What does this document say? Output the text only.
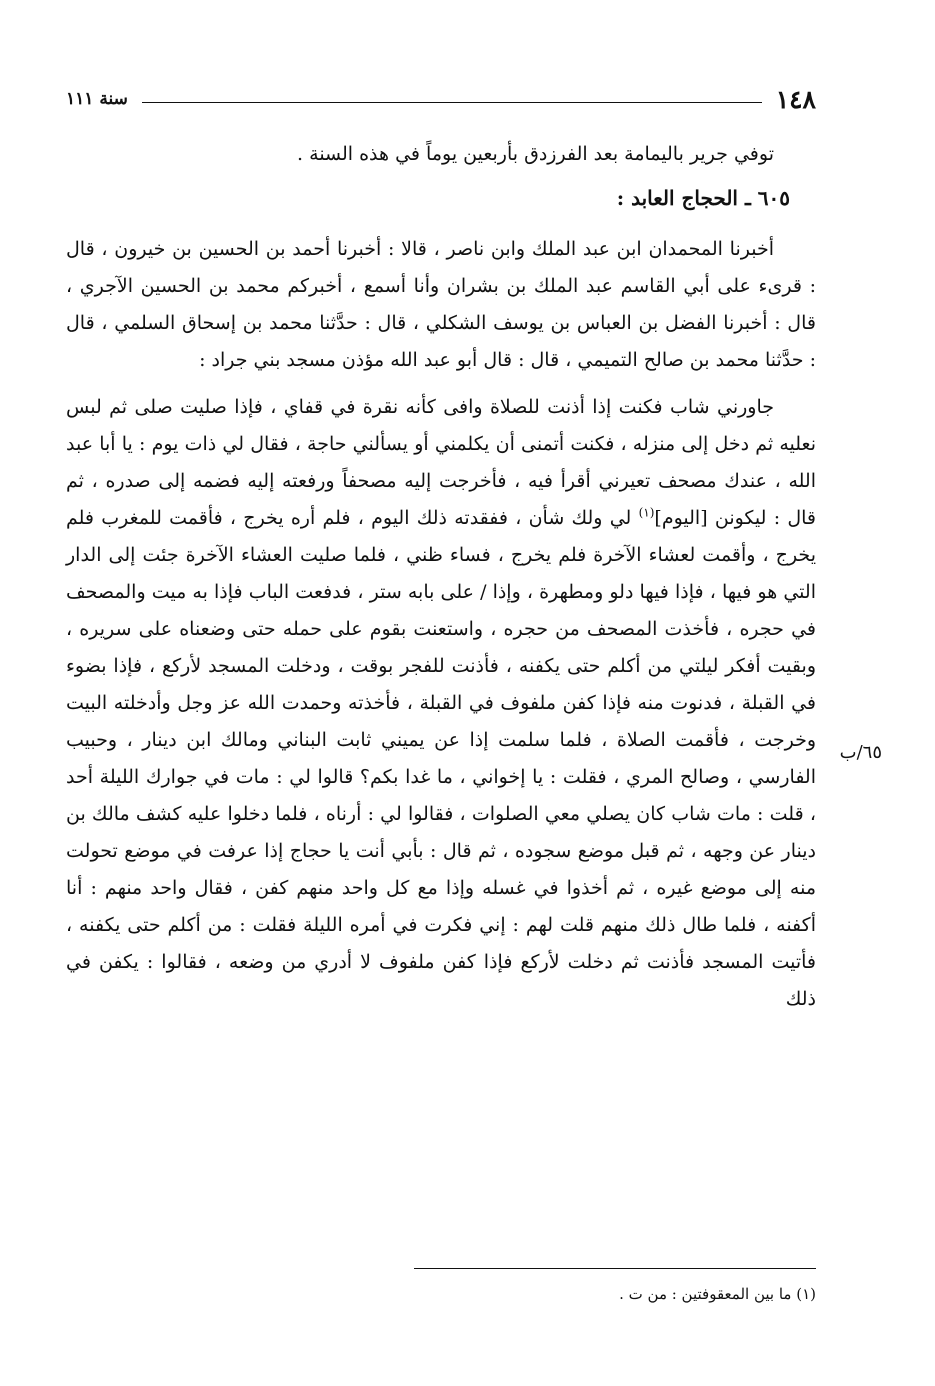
١٤٨
سنة ١١١

توفي جرير باليمامة بعد الفرزدق بأربعين يوماً في هذه السنة .

٦٠٥ ـ الحجاج العابد :

أخبرنا المحمدان ابن عبد الملك وابن ناصر ، قالا : أخبرنا أحمد بن الحسين بن خيرون ، قال : قرىء على أبي القاسم عبد الملك بن بشران وأنا أسمع ، أخبركم محمد بن الحسين الآجري ، قال : أخبرنا الفضل بن العباس بن يوسف الشكلي ، قال : حدَّثنا محمد بن إسحاق السلمي ، قال : حدَّثنا محمد بن صالح التميمي ، قال : قال أبو عبد الله مؤذن مسجد بني جراد :

جاورني شاب فكنت إذا أذنت للصلاة وافى كأنه نقرة في قفاي ، فإذا صليت صلى ثم لبس نعليه ثم دخل إلى منزله ، فكنت أتمنى أن يكلمني أو يسألني حاجة ، فقال لي ذات يوم : يا أبا عبد الله ، عندك مصحف تعيرني أقرأ فيه ، فأخرجت إليه مصحفاً ورفعته إليه فضمه إلى صدره ، ثم قال : ليكونن [اليوم]$^{(١)}$ لي ولك شأن ، ففقدته ذلك اليوم ، فلم أره يخرج ، فأقمت للمغرب فلم يخرج ، وأقمت لعشاء الآخرة فلم يخرج ، فساء ظني ، فلما صليت العشاء الآخرة جئت إلى الدار التي هو فيها ، فإذا فيها دلو ومطهرة ، وإذا / على بابه ستر ، فدفعت الباب فإذا به ميت والمصحف في حجره ، فأخذت المصحف من حجره ، واستعنت بقوم على حمله حتى وضعناه على سريره ، وبقيت أفكر ليلتي من أكلم حتى يكفنه ، فأذنت للفجر بوقت ، ودخلت المسجد لأركع ، فإذا بضوء في القبلة ، فدنوت منه فإذا كفن ملفوف في القبلة ، فأخذته وحمدت الله عز وجل وأدخلته البيت وخرجت ، فأقمت الصلاة ، فلما سلمت إذا عن يميني ثابت البناني ومالك ابن دينار ، وحبيب الفارسي ، وصالح المري ، فقلت : يا إخواني ، ما غدا بكم؟ قالوا لي : مات في جوارك الليلة أحد ، قلت : مات شاب كان يصلي معي الصلوات ، فقالوا لي : أرناه ، فلما دخلوا عليه كشف مالك بن دينار عن وجهه ، ثم قبل موضع سجوده ، ثم قال : بأبي أنت يا حجاج إذا عرفت في موضع تحولت منه إلى موضع غيره ، ثم أخذوا في غسله وإذا مع كل واحد منهم كفن ، فقال واحد منهم : أنا أكفنه ، فلما طال ذلك منهم قلت لهم : إني فكرت في أمره الليلة فقلت : من أكلم حتى يكفنه ، فأتيت المسجد فأذنت ثم دخلت لأركع فإذا كفن ملفوف لا أدري من وضعه ، فقالوا : يكفن في ذلك

٦٥/ب
(١) ما بين المعقوفتين : من ت .
